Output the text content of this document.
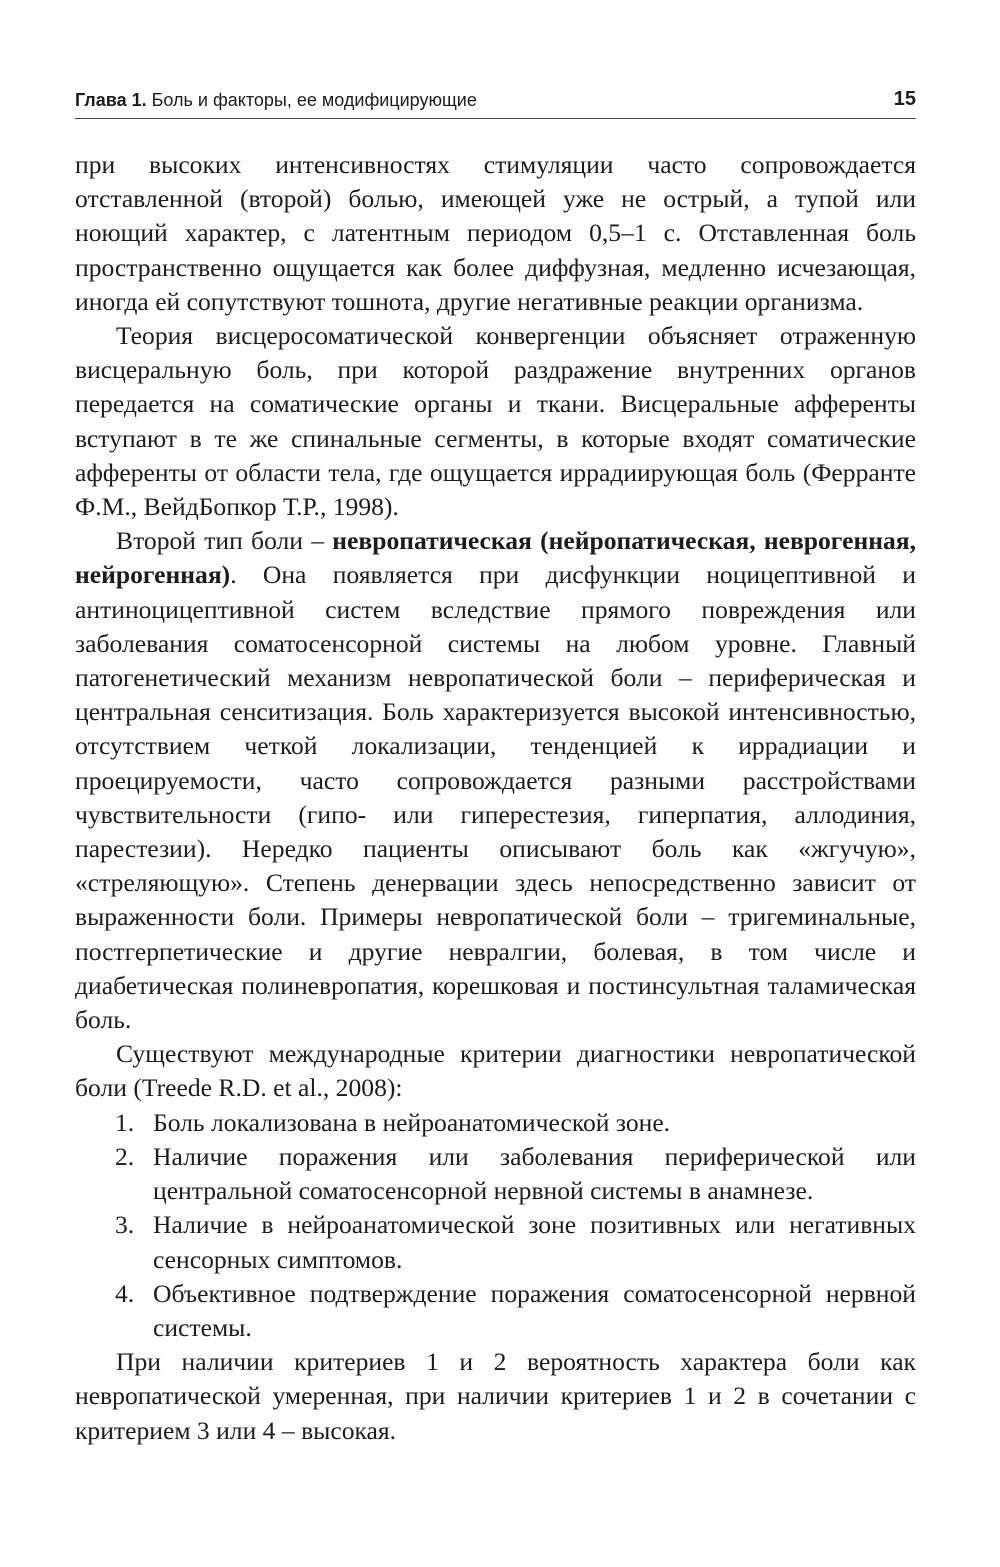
Глава 1. Боль и факторы, ее модифицирующие	15

при высоких интенсивностях стимуляции часто сопровождается отставленной (второй) болью, имеющей уже не острый, а тупой или ноющий характер, с латентным периодом 0,5–1 с. Отставленная боль пространственно ощущается как более диффузная, медленно исчезающая, иногда ей сопутствуют тошнота, другие негативные реакции организма.

Теория висцеросоматической конвергенции объясняет отраженную висцеральную боль, при которой раздражение внутренних органов передается на соматические органы и ткани. Висцеральные афференты вступают в те же спинальные сегменты, в которые входят соматические афференты от области тела, где ощущается иррадиирующая боль (Ферранте Ф.М., ВейдБопкор Т.Р., 1998).

Второй тип боли – невропатическая (нейропатическая, неврогенная, нейрогенная). Она появляется при дисфункции ноцицептивной и антиноцицептивной систем вследствие прямого повреждения или заболевания соматосенсорной системы на любом уровне. Главный патогенетический механизм невропатической боли – периферическая и центральная сенситизация. Боль характеризуется высокой интенсивностью, отсутствием четкой локализации, тенденцией к иррадиации и проецируемости, часто сопровождается разными расстройствами чувствительности (гипо- или гиперестезия, гиперпатия, аллодиния, парестезии). Нередко пациенты описывают боль как «жгучую», «стреляющую». Степень денервации здесь непосредственно зависит от выраженности боли. Примеры невропатической боли – тригеминальные, постгерпетические и другие невралгии, болевая, в том числе и диабетическая полиневропатия, корешковая и постинсультная таламическая боль.

Существуют международные критерии диагностики невропатической боли (Treede R.D. et al., 2008):

1. Боль локализована в нейроанатомической зоне.
2. Наличие поражения или заболевания периферической или центральной соматосенсорной нервной системы в анамнезе.
3. Наличие в нейроанатомической зоне позитивных или негативных сенсорных симптомов.
4. Объективное подтверждение поражения соматосенсорной нервной системы.

При наличии критериев 1 и 2 вероятность характера боли как невропатической умеренная, при наличии критериев 1 и 2 в сочетании с критерием 3 или 4 – высокая.
